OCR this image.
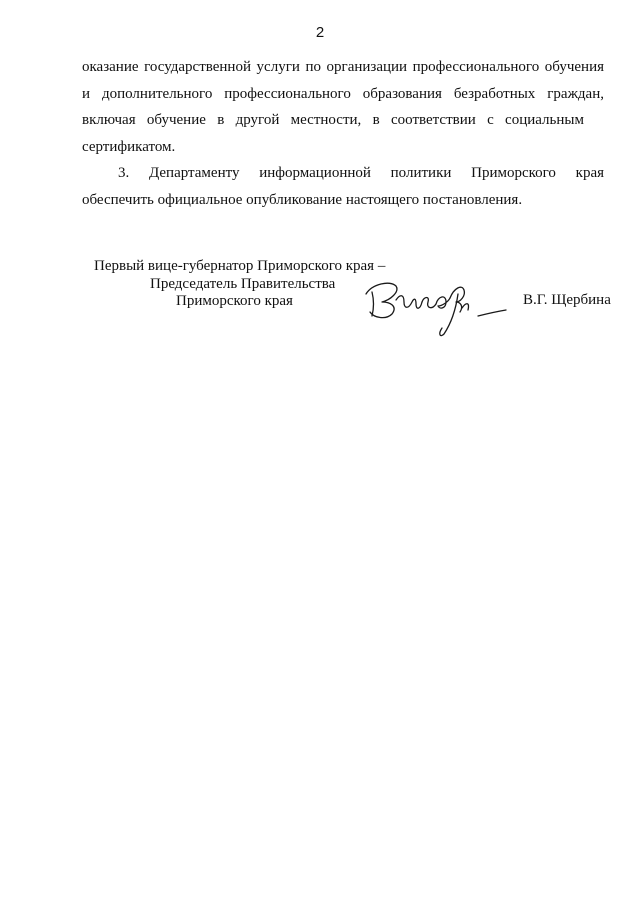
2

оказание государственной услуги по организации профессионального обучения
и дополнительного профессионального образования безработных граждан,
включая обучение в другой местности, в соответствии с социальным
сертификатом.

3. Департаменту информационной политики Приморского края
обеспечить официальное опубликование настоящего постановления.

Первый вице-губернатор Приморского края –
Председатель Правительства
Приморского края	В.Г. Щербина
